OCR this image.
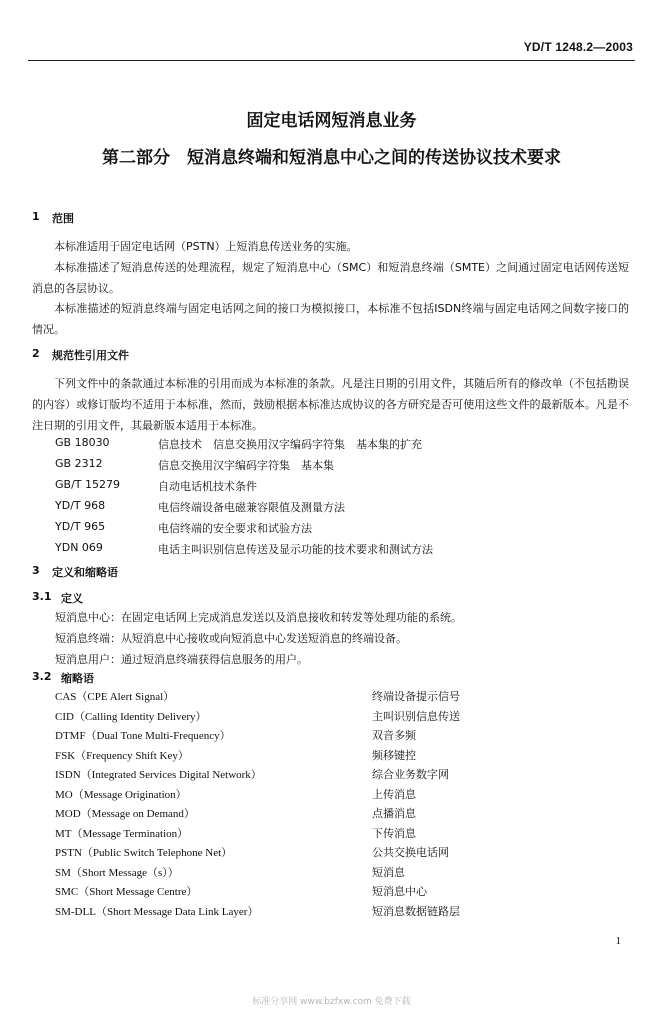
YD/T 1248.2—2003
固定电话网短消息业务
第二部分　短消息终端和短消息中心之间的传送协议技术要求
1 范围
本标准适用于固定电话网（PSTN）上短消息传送业务的实施。
本标准描述了短消息传送的处理流程，规定了短消息中心（SMC）和短消息终端（SMTE）之间通过固定电话网传送短消息的各层协议。
本标准描述的短消息终端与固定电话网之间的接口为模拟接口，本标准不包括ISDN终端与固定电话网之间数字接口的情况。
2 规范性引用文件
下列文件中的条款通过本标准的引用而成为本标准的条款。凡是注日期的引用文件，其随后所有的修改单（不包括勘误的内容）或修订版均不适用于本标准，然而，鼓励根据本标准达成协议的各方研究是否可使用这些文件的最新版本。凡是不注日期的引用文件，其最新版本适用于本标准。
GB 18030	信息技术　信息交换用汉字编码字符集　基本集的扩充
GB 2312	信息交换用汉字编码字符集　基本集
GB/T 15279	自动电话机技术条件
YD/T 968	电信终端设备电磁兼容限值及测量方法
YD/T 965	电信终端的安全要求和试验方法
YDN 069	电话主叫识别信息传送及显示功能的技术要求和测试方法
3 定义和缩略语
3.1 定义
短消息中心：在固定电话网上完成消息发送以及消息接收和转发等处理功能的系统。
短消息终端：从短消息中心接收或向短消息中心发送短消息的终端设备。
短消息用户：通过短消息终端获得信息服务的用户。
3.2 缩略语
CAS（CPE Alert Signal）	终端设备提示信号
CID（Calling Identity Delivery）	主叫识别信息传送
DTMF（Dual Tone Multi-Frequency）	双音多频
FSK（Frequency Shift Key）	频移键控
ISDN（Integrated Services Digital Network）	综合业务数字网
MO（Message Origination）	上传消息
MOD（Message on Demand）	点播消息
MT（Message Termination）	下传消息
PSTN（Public Switch Telephone Net）	公共交换电话网
SM（Short Message（s））	短消息
SMC（Short Message Centre）	短消息中心
SM-DLL（Short Message Data Link Layer）	短消息数据链路层
1
标准分享网 www.bzfxw.com 免费下载
